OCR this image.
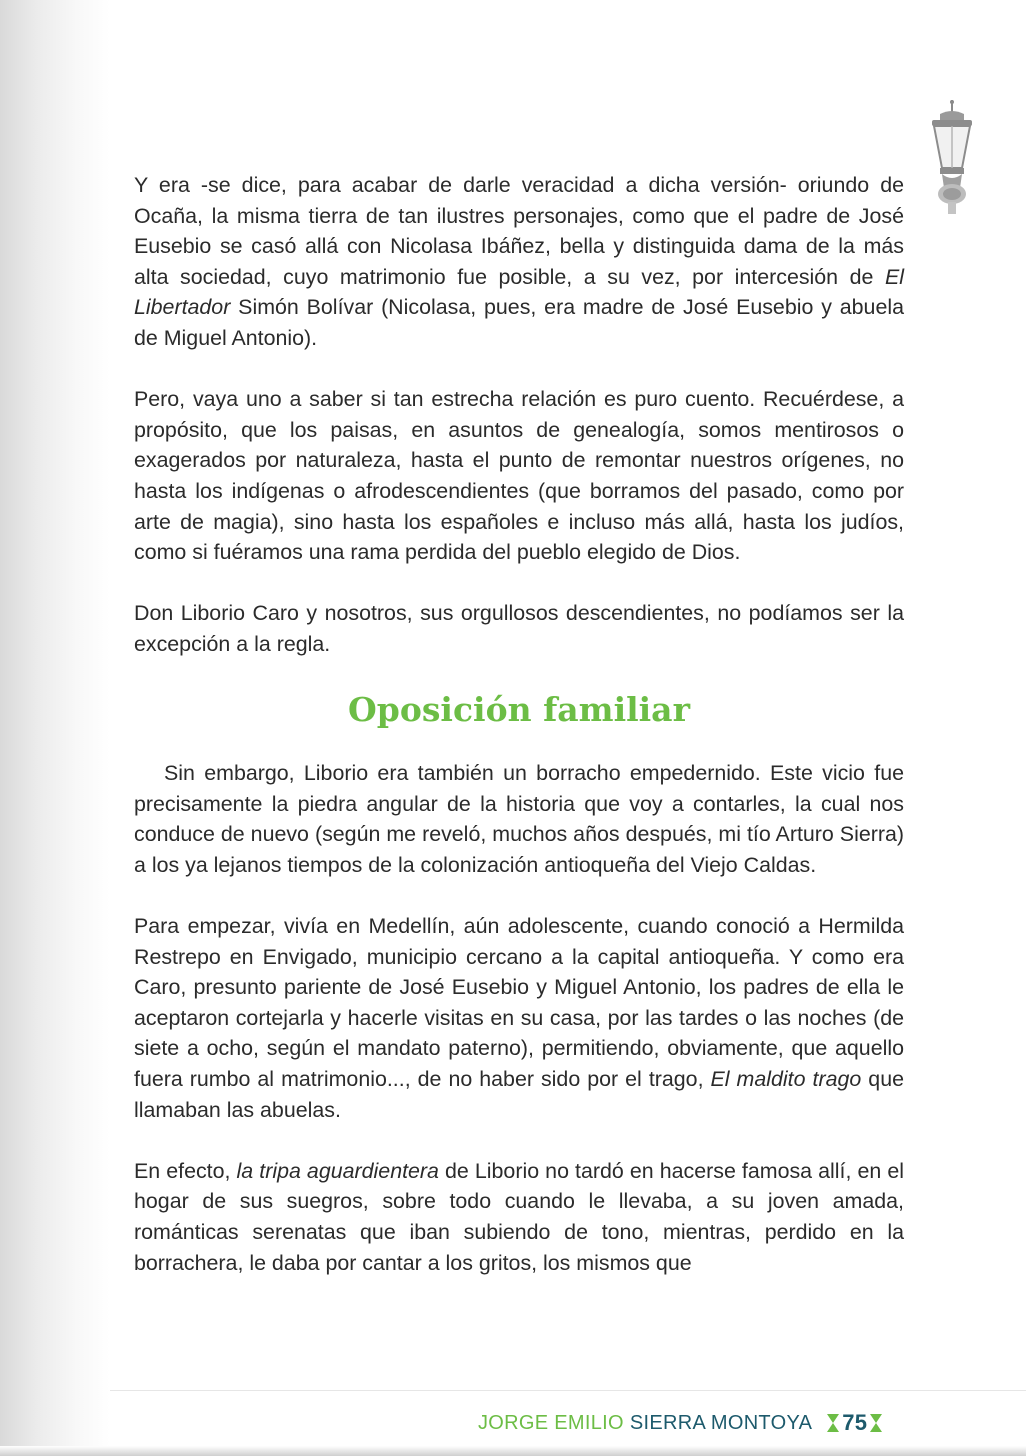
Y era -se dice, para acabar de darle veracidad a dicha versión- oriundo de Ocaña, la misma tierra de tan ilustres personajes, como que el padre de José Eusebio se casó allá con Nicolasa Ibáñez, bella y distinguida dama de la más alta sociedad, cuyo matrimonio fue posible, a su vez, por intercesión de El Libertador Simón Bolívar (Nicolasa, pues, era madre de José Eusebio y abuela de Miguel Antonio).

Pero, vaya uno a saber si tan estrecha relación es puro cuento. Recuérdese, a propósito, que los paisas, en asuntos de genealogía, somos mentirosos o exagerados por naturaleza, hasta el punto de remontar nuestros orígenes, no hasta los indígenas o afrodescendientes (que borramos del pasado, como por arte de magia), sino hasta los españoles e incluso más allá, hasta los judíos, como si fuéramos una rama perdida del pueblo elegido de Dios.

Don Liborio Caro y nosotros, sus orgullosos descendientes, no podíamos ser la excepción a la regla.

Oposición familiar

Sin embargo, Liborio era también un borracho empedernido. Este vicio fue precisamente la piedra angular de la historia que voy a contarles, la cual nos conduce de nuevo (según me reveló, muchos años después, mi tío Arturo Sierra) a los ya lejanos tiempos de la colonización antioqueña del Viejo Caldas.

Para empezar, vivía en Medellín, aún adolescente, cuando conoció a Hermilda Restrepo en Envigado, municipio cercano a la capital antioqueña. Y como era Caro, presunto pariente de José Eusebio y Miguel Antonio, los padres de ella le aceptaron cortejarla y hacerle visitas en su casa, por las tardes o las noches (de siete a ocho, según el mandato paterno), permitiendo, obviamente, que aquello fuera rumbo al matrimonio..., de no haber sido por el trago, El maldito trago que llamaban las abuelas.

En efecto, la tripa aguardientera de Liborio no tardó en hacerse famosa allí, en el hogar de sus suegros, sobre todo cuando le llevaba, a su joven amada, románticas serenatas que iban subiendo de tono, mientras, perdido en la borrachera, le daba por cantar a los gritos, los mismos que

JORGE EMILIO SIERRA MONTOYA 75
